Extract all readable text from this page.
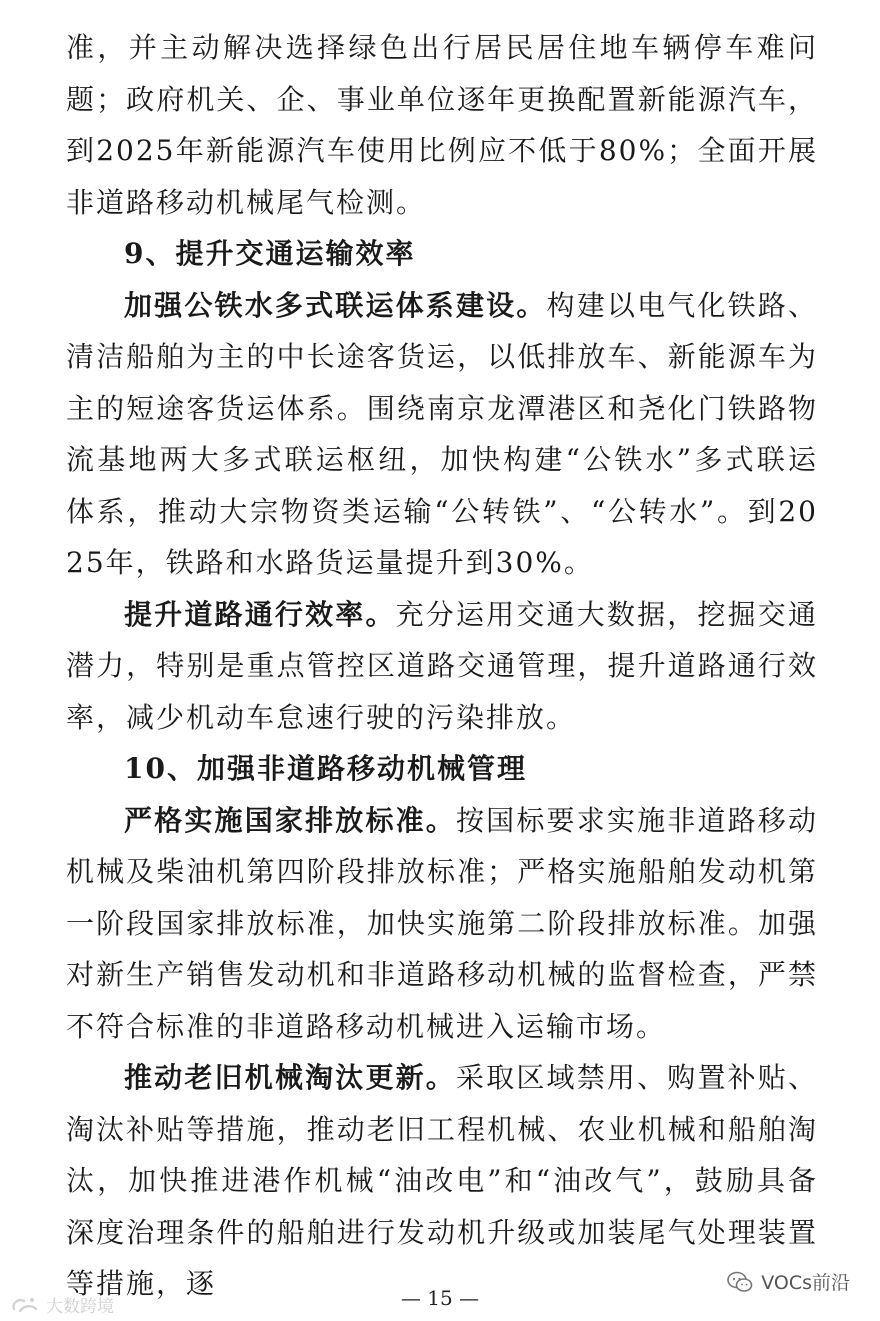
准，并主动解决选择绿色出行居民居住地车辆停车难问题；政府机关、企、事业单位逐年更换配置新能源汽车，到2025年新能源汽车使用比例应不低于80%；全面开展非道路移动机械尾气检测。

9、提升交通运输效率

加强公铁水多式联运体系建设。构建以电气化铁路、清洁船舶为主的中长途客货运，以低排放车、新能源车为主的短途客货运体系。围绕南京龙潭港区和尧化门铁路物流基地两大多式联运枢纽，加快构建“公铁水”多式联运体系，推动大宗物资类运输“公转铁”、“公转水”。到2025年，铁路和水路货运量提升到30%。

提升道路通行效率。充分运用交通大数据，挖掘交通潜力，特别是重点管控区道路交通管理，提升道路通行效率，减少机动车怠速行驶的污染排放。

10、加强非道路移动机械管理

严格实施国家排放标准。按国标要求实施非道路移动机械及柴油机第四阶段排放标准；严格实施船舶发动机第一阶段国家排放标准，加快实施第二阶段排放标准。加强对新生产销售发动机和非道路移动机械的监督检查，严禁不符合标准的非道路移动机械进入运输市场。

推动老旧机械淘汰更新。采取区域禁用、购置补贴、淘汰补贴等措施，推动老旧工程机械、农业机械和船舶淘汰，加快推进港作机械“油改电”和“油改气”，鼓励具备深度治理条件的船舶进行发动机升级或加装尾气处理装置等措施，逐	VOCs前沿
— 15 —
大数跨境
